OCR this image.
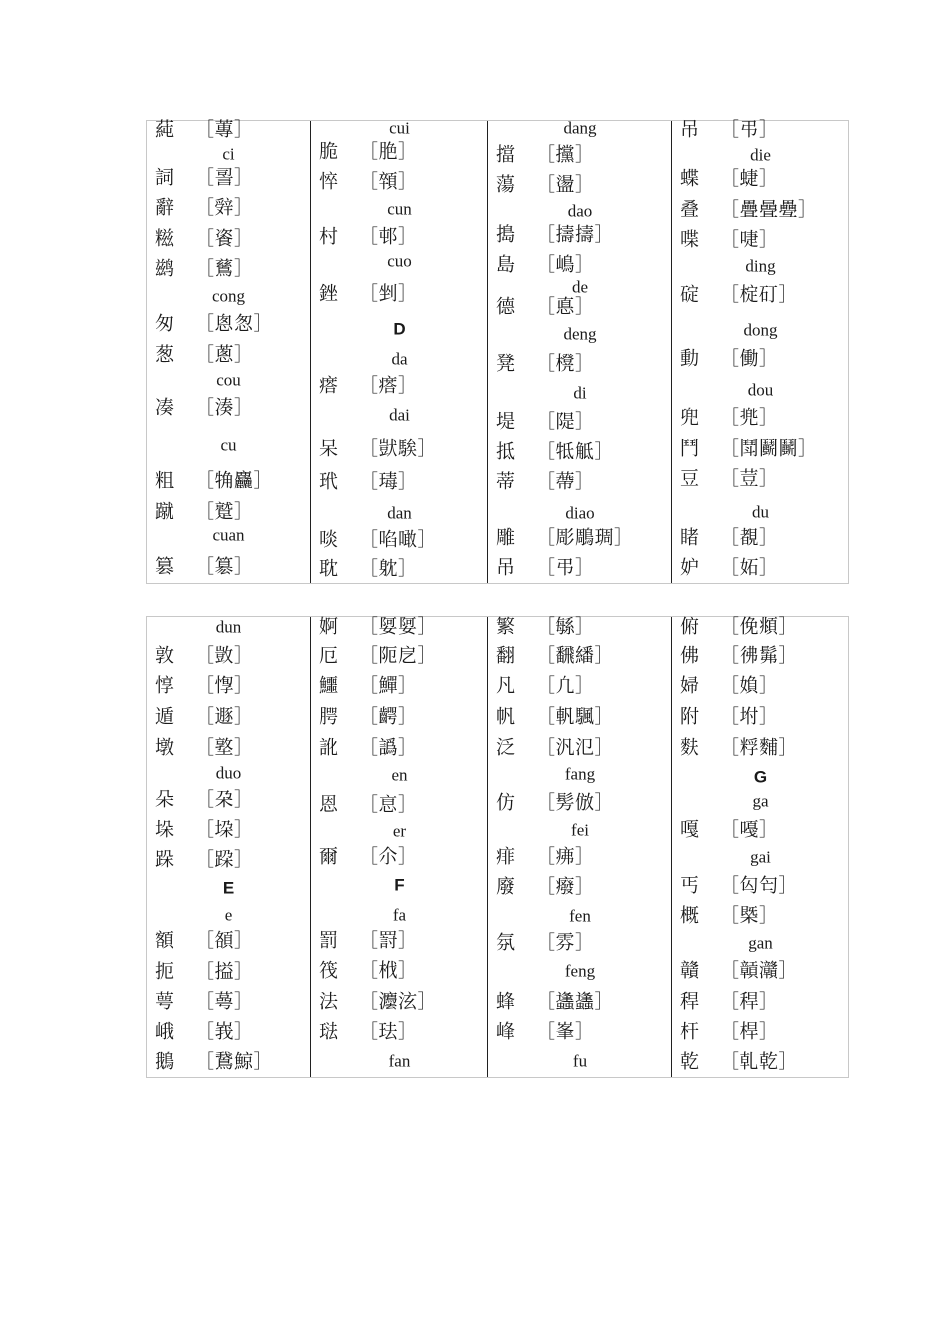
蒓 ［蓴］
ci
詞 ［䛐］
辭 ［辤］
糍 ［餈］
鹚 ［鶿］
cong
匆 ［悤怱］
葱 ［蔥］
cou
凑 ［湊］
cu
粗 ［觕麤］
蹴 ［蹵］
cuan
篡 ［簒］
cui
脆 ［脃］
悴 ［顇］
cun
村 ［邨］
cuo
銼 ［剉］
D
da
瘩 ［瘩］
dai
呆 ［獃騃］
玳 ［瑇］
dan
啖 ［啗噉］
耽 ［躭］
dang
擋 ［攩］
蕩 ［盪］
dao
搗 ［擣擣］
島 ［嶋］
de
德 ［悳］
deng
凳 ［櫈］
di
堤 ［隄］
抵 ［牴觝］
蒂 ［蔕］
diao
雕 ［彫鵰琱］
吊 ［弔］
吊 ［弔］
die
蝶 ［蜨］
叠 ［疊曡疉］
喋 ［啑］
ding
碇 ［椗矴］
dong
動 ［働］
dou
兜 ［兠］
鬥 ［鬦鬬鬭］
豆 ［荳］
du
睹 ［覩］
妒 ［妬］
dun
敦 ［敳］
惇 ［惸］
遁 ［遯］
墩 ［墪］
duo
朵 ［朶］
垛 ［垜］
跺 ［跥］
E
e
額 ［頟］
扼 ［搤］
萼 ［蕚］
峨 ［峩］
鵝 ［鵞鯨］
婀 ［娿娿］
厄 ［阨戹］
鱷 ［鱓］
腭 ［齶］
訛 ［譌］
en
恩 ［恴］
er
爾 ［尒］
F
fa
罰 ［罸］
筏 ［栰］
法 ［灋泫］
琺 ［珐］
fan
繁 ［緐］
翻 ［飜繙］
凡 ［凢］
帆 ［軓颿］
泛 ［汎氾］
fang
仿 ［髣倣］
fei
痱 ［疿］
廢 ［癈］
fen
氛 ［雰］
feng
蜂 ［蠭蠭］
峰 ［峯］
fu
俯 ［俛頫］
佛 ［彿髴］
婦 ［媍］
附 ［坿］
麩 ［粰麱］
G
ga
嘎 ［嘠］
gai
丐 ［匃匄］
概 ［槩］
gan
贛 ［贑灨］
稈 ［稈］
杆 ［桿］
乾 ［乹乾］
